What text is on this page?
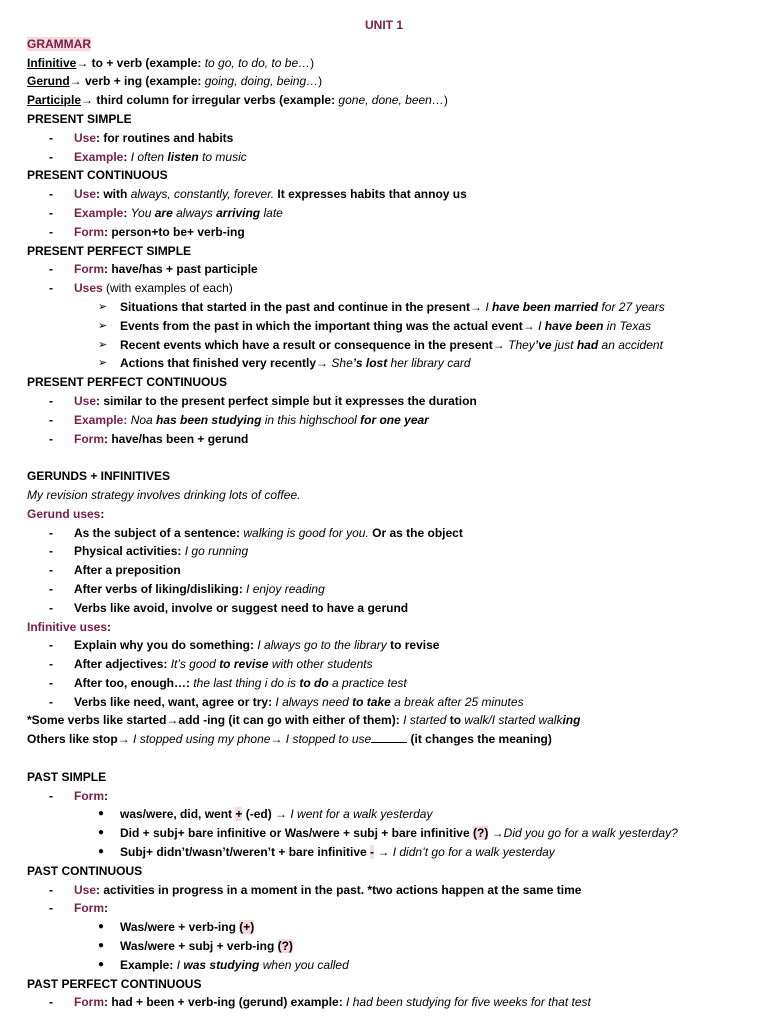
UNIT 1
GRAMMAR
Infinitive→ to + verb (example: to go, to do, to be…)
Gerund→ verb + ing (example: going, doing, being…)
Participle→ third column for irregular verbs (example: gone, done, been…)
PRESENT SIMPLE
- Use: for routines and habits
- Example: I often listen to music
PRESENT CONTINUOUS
- Use: with always, constantly, forever. It expresses habits that annoy us
- Example: You are always arriving late
- Form: person+to be+ verb-ing
PRESENT PERFECT SIMPLE
- Form: have/has + past participle
- Uses (with examples of each)
➢ Situations that started in the past and continue in the present→ I have been married for 27 years
➢ Events from the past in which the important thing was the actual event→ I have been in Texas
➢ Recent events which have a result or consequence in the present→ They’ve just had an accident
➢ Actions that finished very recently→ She’s lost her library card
PRESENT PERFECT CONTINUOUS
- Use: similar to the present perfect simple but it expresses the duration
- Example: Noa has been studying in this highschool for one year
- Form: have/has been + gerund
GERUNDS + INFINITIVES
My revision strategy involves drinking lots of coffee.
Gerund uses:
- As the subject of a sentence: walking is good for you. Or as the object
- Physical activities: I go running
- After a preposition
- After verbs of liking/disliking: I enjoy reading
- Verbs like avoid, involve or suggest need to have a gerund
Infinitive uses:
- Explain why you do something: I always go to the library to revise
- After adjectives: It’s good to revise with other students
- After too, enough…: the last thing i do is to do a practice test
- Verbs like need, want, agree or try: I always need to take a break after 25 minutes
*Some verbs like started→add -ing (it can go with either of them): I started to walk/I started walking
Others like stop→ I stopped using my phone→ I stopped to use	(it changes the meaning)
PAST SIMPLE
- Form:
● was/were, did, went + (-ed) → I went for a walk yesterday
● Did + subj+ bare infinitive or Was/were + subj + bare infinitive (?) →Did you go for a walk yesterday?
● Subj+ didn’t/wasn’t/weren’t + bare infinitive - → I didn’t go for a walk yesterday
PAST CONTINUOUS
- Use: activities in progress in a moment in the past. *two actions happen at the same time
- Form:
● Was/were + verb-ing (+)
● Was/were + subj + verb-ing (?)
● Example: I was studying when you called
PAST PERFECT CONTINUOUS
- Form: had + been + verb-ing (gerund) example: I had been studying for five weeks for that test
